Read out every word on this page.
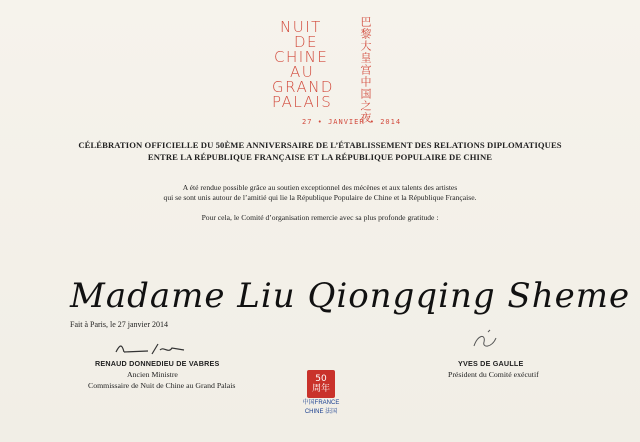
NUIT
DE
CHINE
AU
GRAND
PALAIS 巴黎大皇宫中国之夜
27 • JANVIER • 2014
CÉLÉBRATION OFFICIELLE DU 50ÈME ANNIVERSAIRE DE L’ÉTABLISSEMENT DES RELATIONS DIPLOMATIQUES
ENTRE LA RÉPUBLIQUE FRANÇAISE ET LA RÉPUBLIQUE POPULAIRE DE CHINE
A été rendue possible grâce au soutien exceptionnel des mécènes et aux talents des artistes
qui se sont unis autour de l’amitié qui lie la République Populaire de Chine et la République Française.
Pour cela, le Comité d’organisation remercie avec sa plus profonde gratitude :
Madame Liu Qiongqing Sheme
Fait à Paris, le 27 janvier 2014
RENAUD DONNEDIEU DE VABRES
Ancien Ministre
Commissaire de Nuit de Chine au Grand Palais
YVES DE GAULLE
Président du Comité exécutif
50
周年
中国FRANCE
CHINE 法国
